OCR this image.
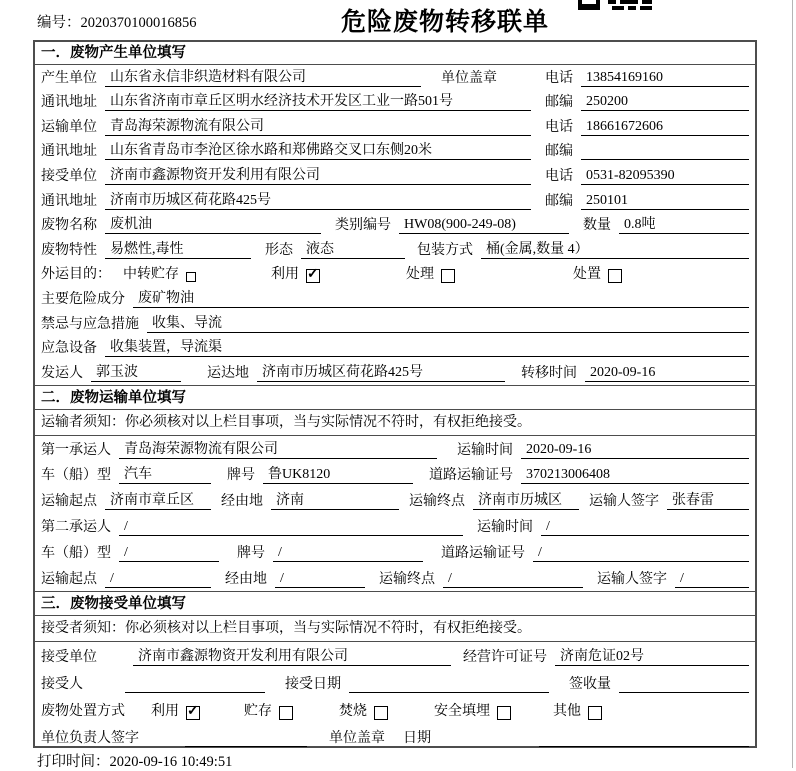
编号：2020370100016856	危险废物转移联单
一．废物产生单位填写
产生单位 山东省永信非织造材料有限公司	单位盖章	电话 13854169160
通讯地址 山东省济南市章丘区明水经济技术开发区工业一路501号	邮编 250200
运输单位 青岛海荣源物流有限公司	电话 18661672606
通讯地址 山东省青岛市李沧区徐水路和郑佛路交叉口东侧20米	邮编
接受单位 济南市鑫源物资开发利用有限公司	电话 0531-82095390
通讯地址 济南市历城区荷花路425号	邮编 250101
废物名称 废机油	类别编号 HW08(900-249-08)	数量 0.8吨
废物特性 易燃性,毒性	形态 液态	包装方式 桶(金属,数量 4）
外运目的： 中转贮存	利用 ✓	处理	处置
主要危险成分 废矿物油
禁忌与应急措施 收集、导流
应急设备 收集装置，导流渠
发运人 郭玉波	运达地 济南市历城区荷花路425号	转移时间 2020-09-16
二．废物运输单位填写
运输者须知：你必须核对以上栏目事项，当与实际情况不符时，有权拒绝接受。
第一承运人 青岛海荣源物流有限公司	运输时间 2020-09-16
车（船）型 汽车	牌号 鲁UK8120	道路运输证号 370213006408
运输起点 济南市章丘区	经由地 济南	运输终点 济南市历城区	运输人签字 张春雷
第二承运人 /	运输时间 /
车（船）型 /	牌号 /	道路运输证号 /
运输起点 /	经由地 /	运输终点 /	运输人签字 /
三．废物接受单位填写
接受者须知：你必须核对以上栏目事项，当与实际情况不符时，有权拒绝接受。
接受单位	济南市鑫源物资开发利用有限公司	经营许可证号 济南危证02号
接受人	接受日期	签收量
废物处置方式 利用 ✓	贮存	焚烧	安全填埋	其他
单位负责人签字	单位盖章 日期
打印时间：2020-09-16 10:49:51
